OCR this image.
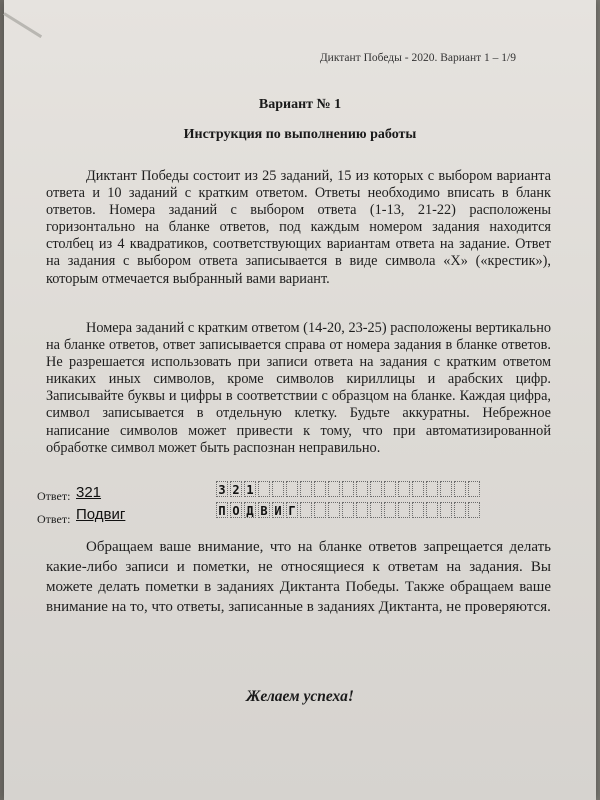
Диктант Победы - 2020. Вариант 1 – 1/9
Вариант № 1
Инструкция по выполнению работы
Диктант Победы состоит из 25 заданий, 15 из которых с выбором варианта ответа и 10 заданий с кратким ответом. Ответы необходимо вписать в бланк ответов. Номера заданий с выбором ответа (1-13, 21-22) расположены горизонтально на бланке ответов, под каждым номером задания находится столбец из 4 квадратиков, соответствующих вариантам ответа на задание. Ответ на задания с выбором ответа записывается в виде символа «Х» («крестик»), которым отмечается выбранный вами вариант.
Номера заданий с кратким ответом (14-20, 23-25) расположены вертикально на бланке ответов, ответ записывается справа от номера задания в бланке ответов. Не разрешается использовать при записи ответа на задания с кратким ответом никаких иных символов, кроме символов кириллицы и арабских цифр. Записывайте буквы и цифры в соответствии с образцом на бланке. Каждая цифра, символ записывается в отдельную клетку. Будьте аккуратны. Небрежное написание символов может привести к тому, что при автоматизированной обработке символ может быть распознан неправильно.
Ответ: 321
Ответ: Подвиг
3 2 1
П О Д В И Г
Обращаем ваше внимание, что на бланке ответов запрещается делать какие-либо записи и пометки, не относящиеся к ответам на задания. Вы можете делать пометки в заданиях Диктанта Победы. Также обращаем ваше внимание на то, что ответы, записанные в заданиях Диктанта, не проверяются.
Желаем успеха!
